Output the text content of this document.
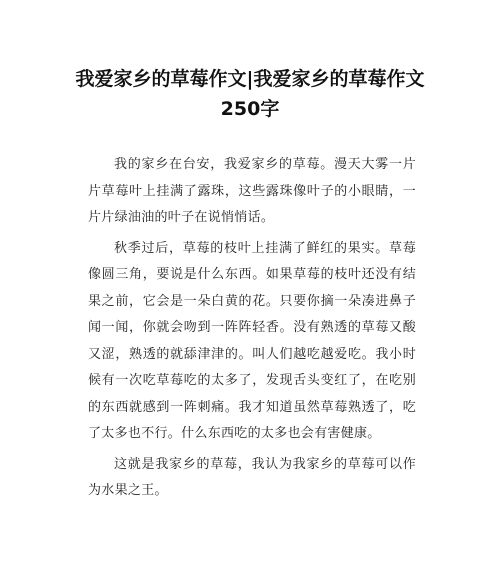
我爱家乡的草莓作文|我爱家乡的草莓作文250字

我的家乡在台安，我爱家乡的草莓。漫天大雾一片片草莓叶上挂满了露珠，这些露珠像叶子的小眼睛，一片片绿油油的叶子在说悄悄话。

秋季过后，草莓的枝叶上挂满了鲜红的果实。草莓像圆三角，要说是什么东西。如果草莓的枝叶还没有结果之前，它会是一朵白黄的花。只要你摘一朵凑进鼻子闻一闻，你就会吻到一阵阵轻香。没有熟透的草莓又酸又涩，熟透的就舔津津的。叫人们越吃越爱吃。我小时候有一次吃草莓吃的太多了，发现舌头变红了，在吃别的东西就感到一阵刺痛。我才知道虽然草莓熟透了，吃了太多也不行。什么东西吃的太多也会有害健康。

这就是我家乡的草莓，我认为我家乡的草莓可以作为水果之王。
